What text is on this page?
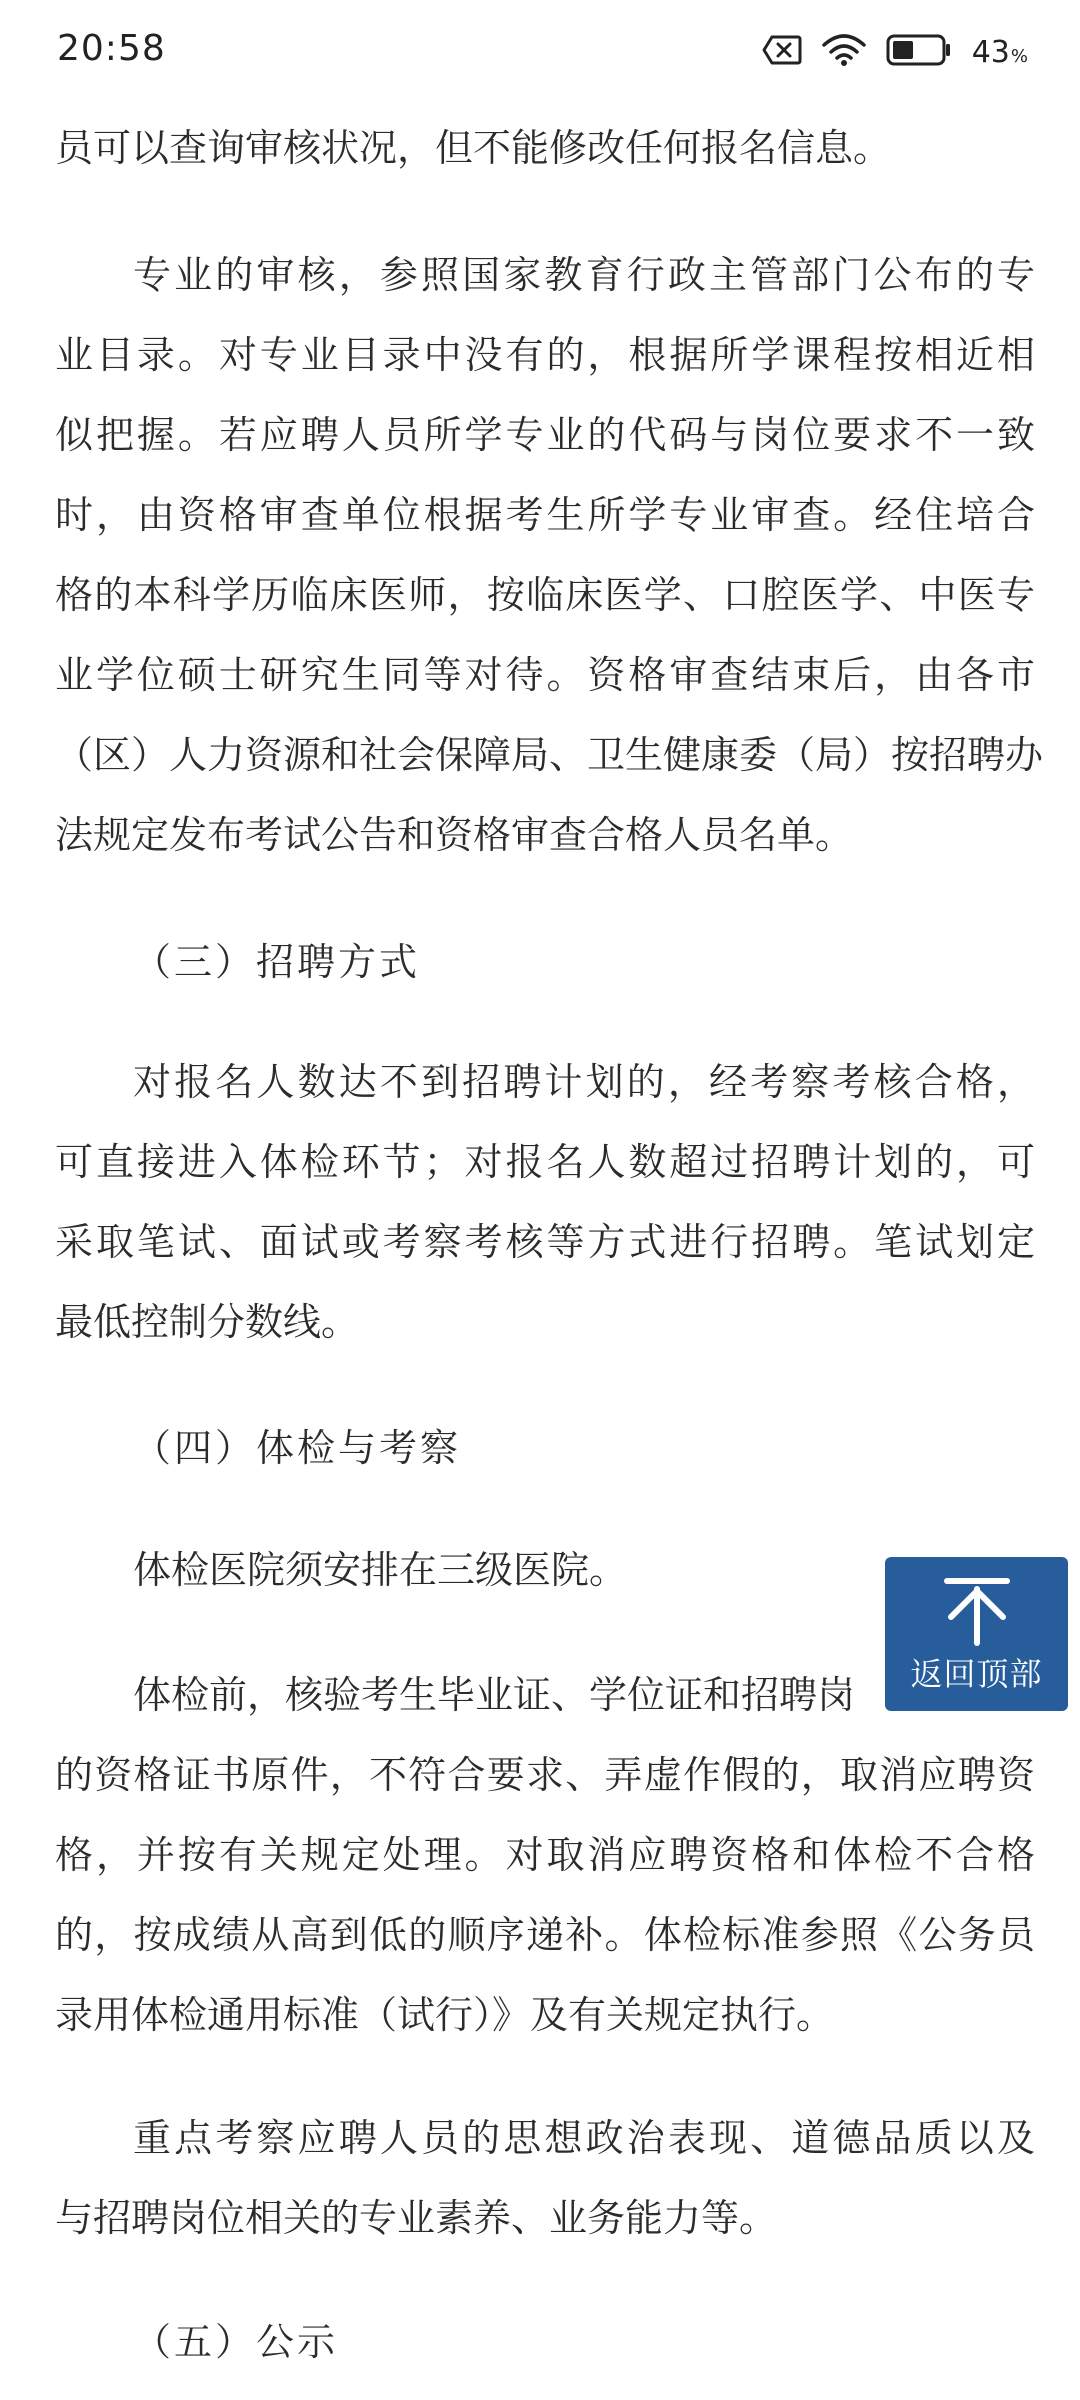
20:58	43 %
员可以查询审核状况，但不能修改任何报名信息。
专业的审核，参照国家教育行政主管部门公布的专
业目录。对专业目录中没有的，根据所学课程按相近相
似把握。若应聘人员所学专业的代码与岗位要求不一致
时，由资格审查单位根据考生所学专业审查。经住培合
格的本科学历临床医师，按临床医学、口腔医学、中医专
业学位硕士研究生同等对待。资格审查结束后，由各市
（区）人力资源和社会保障局、卫生健康委（局）按招聘办
法规定发布考试公告和资格审查合格人员名单。
（三）招聘方式
对报名人数达不到招聘计划的，经考察考核合格，
可直接进入体检环节；对报名人数超过招聘计划的，可
采取笔试、面试或考察考核等方式进行招聘。笔试划定
最低控制分数线。
（四）体检与考察
体检医院须安排在三级医院。
体检前，核验考生毕业证、学位证和招聘岗
的资格证书原件，不符合要求、弄虚作假的，取消应聘资
格，并按有关规定处理。对取消应聘资格和体检不合格
的，按成绩从高到低的顺序递补。体检标准参照《公务员
录用体检通用标准（试行）》及有关规定执行。
重点考察应聘人员的思想政治表现、道德品质以及
与招聘岗位相关的专业素养、业务能力等。
（五）公示
返回顶部
